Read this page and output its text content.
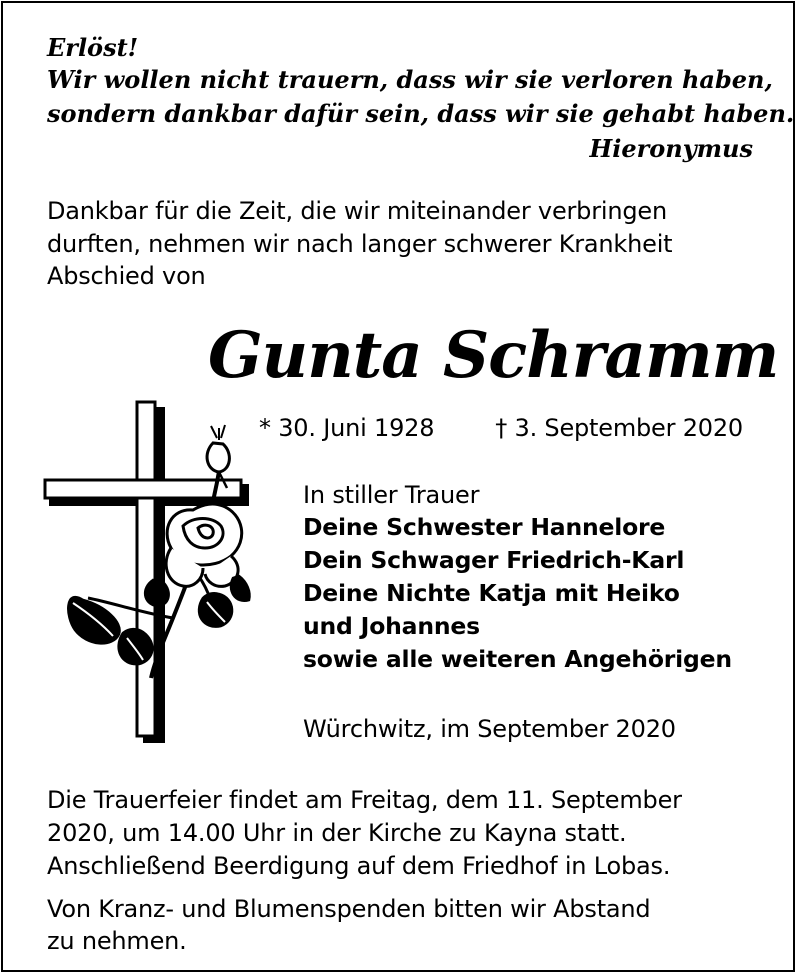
Erlöst!
Wir wollen nicht trauern, dass wir sie verloren haben,
sondern dankbar dafür sein, dass wir sie gehabt haben.
Hieronymus
Dankbar für die Zeit, die wir miteinander verbringen
durften, nehmen wir nach langer schwerer Krankheit
Abschied von
Gunta Schramm
* 30. Juni 1928	† 3. September 2020
In stiller Trauer
Deine Schwester Hannelore
Dein Schwager Friedrich-Karl
Deine Nichte Katja mit Heiko
und Johannes
sowie alle weiteren Angehörigen
Würchwitz, im September 2020
Die Trauerfeier findet am Freitag, dem 11. September
2020, um 14.00 Uhr in der Kirche zu Kayna statt.
Anschließend Beerdigung auf dem Friedhof in Lobas.
Von Kranz- und Blumenspenden bitten wir Abstand
zu nehmen.
